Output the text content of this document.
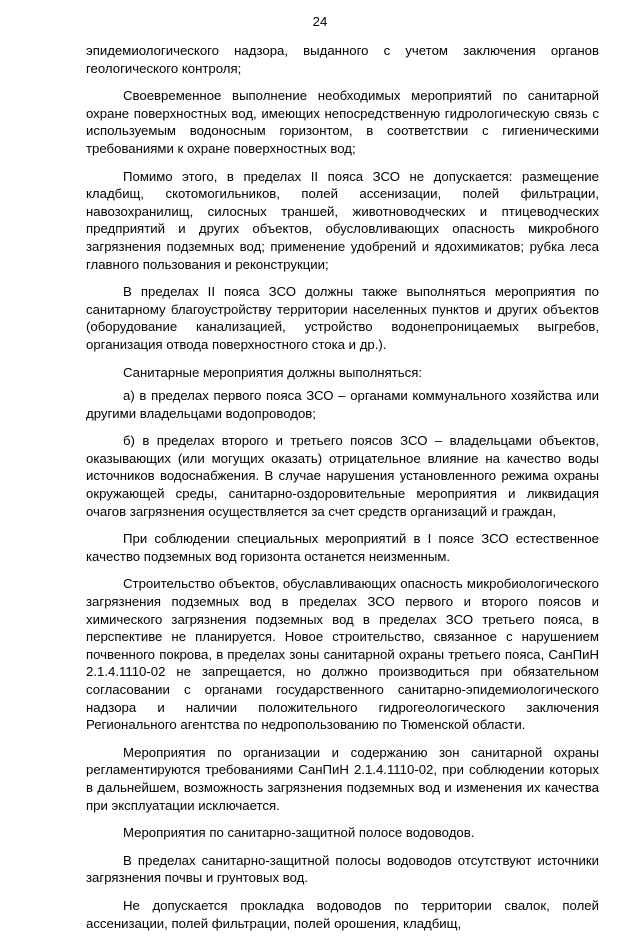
24

эпидемиологического надзора, выданного с учетом заключения органов геологического контроля;

Своевременное выполнение необходимых мероприятий по санитарной охране поверхностных вод, имеющих непосредственную гидрологическую связь с используемым водоносным горизонтом, в соответствии с гигиеническими требованиями к охране поверхностных вод;

Помимо этого, в пределах II пояса ЗСО не допускается: размещение кладбищ, скотомогильников, полей ассенизации, полей фильтрации, навозохранилищ, силосных траншей, животноводческих и птицеводческих предприятий и других объектов, обусловливающих опасность микробного загрязнения подземных вод; применение удобрений и ядохимикатов; рубка леса главного пользования и реконструкции;

В пределах II пояса ЗСО должны также выполняться мероприятия по санитарному благоустройству территории населенных пунктов и других объектов (оборудование канализацией, устройство водонепроницаемых выгребов, организация отвода поверхностного стока и др.).

Санитарные мероприятия должны выполняться:

а) в пределах первого пояса ЗСО – органами коммунального хозяйства или другими владельцами водопроводов;

б) в пределах второго и третьего поясов ЗСО – владельцами объектов, оказывающих (или могущих оказать) отрицательное влияние на качество воды источников водоснабжения. В случае нарушения установленного режима охраны окружающей среды, санитарно-оздоровительные мероприятия и ликвидация очагов загрязнения осуществляется за счет средств организаций и граждан,

При соблюдении специальных мероприятий в I поясе ЗСО естественное качество подземных вод горизонта останется неизменным.

Строительство объектов, обуславливающих опасность микробиологического загрязнения подземных вод в пределах ЗСО первого и второго поясов и химического загрязнения подземных вод в пределах ЗСО третьего пояса, в перспективе не планируется. Новое строительство, связанное с нарушением почвенного покрова, в пределах зоны санитарной охраны третьего пояса, СанПиН 2.1.4.1110-02 не запрещается, но должно производиться при обязательном согласовании с органами государственного санитарно-эпидемиологического надзора и наличии положительного гидрогеологического заключения Регионального агентства по недропользованию по Тюменской области.

Мероприятия по организации и содержанию зон санитарной охраны регламентируются требованиями СанПиН 2.1.4.1110-02, при соблюдении которых в дальнейшем, возможность загрязнения подземных вод и изменения их качества при эксплуатации исключается.

Мероприятия по санитарно-защитной полосе водоводов.

В пределах санитарно-защитной полосы водоводов отсутствуют источники загрязнения почвы и грунтовых вод.

Не допускается прокладка водоводов по территории свалок, полей ассенизации, полей фильтрации, полей орошения, кладбищ,
